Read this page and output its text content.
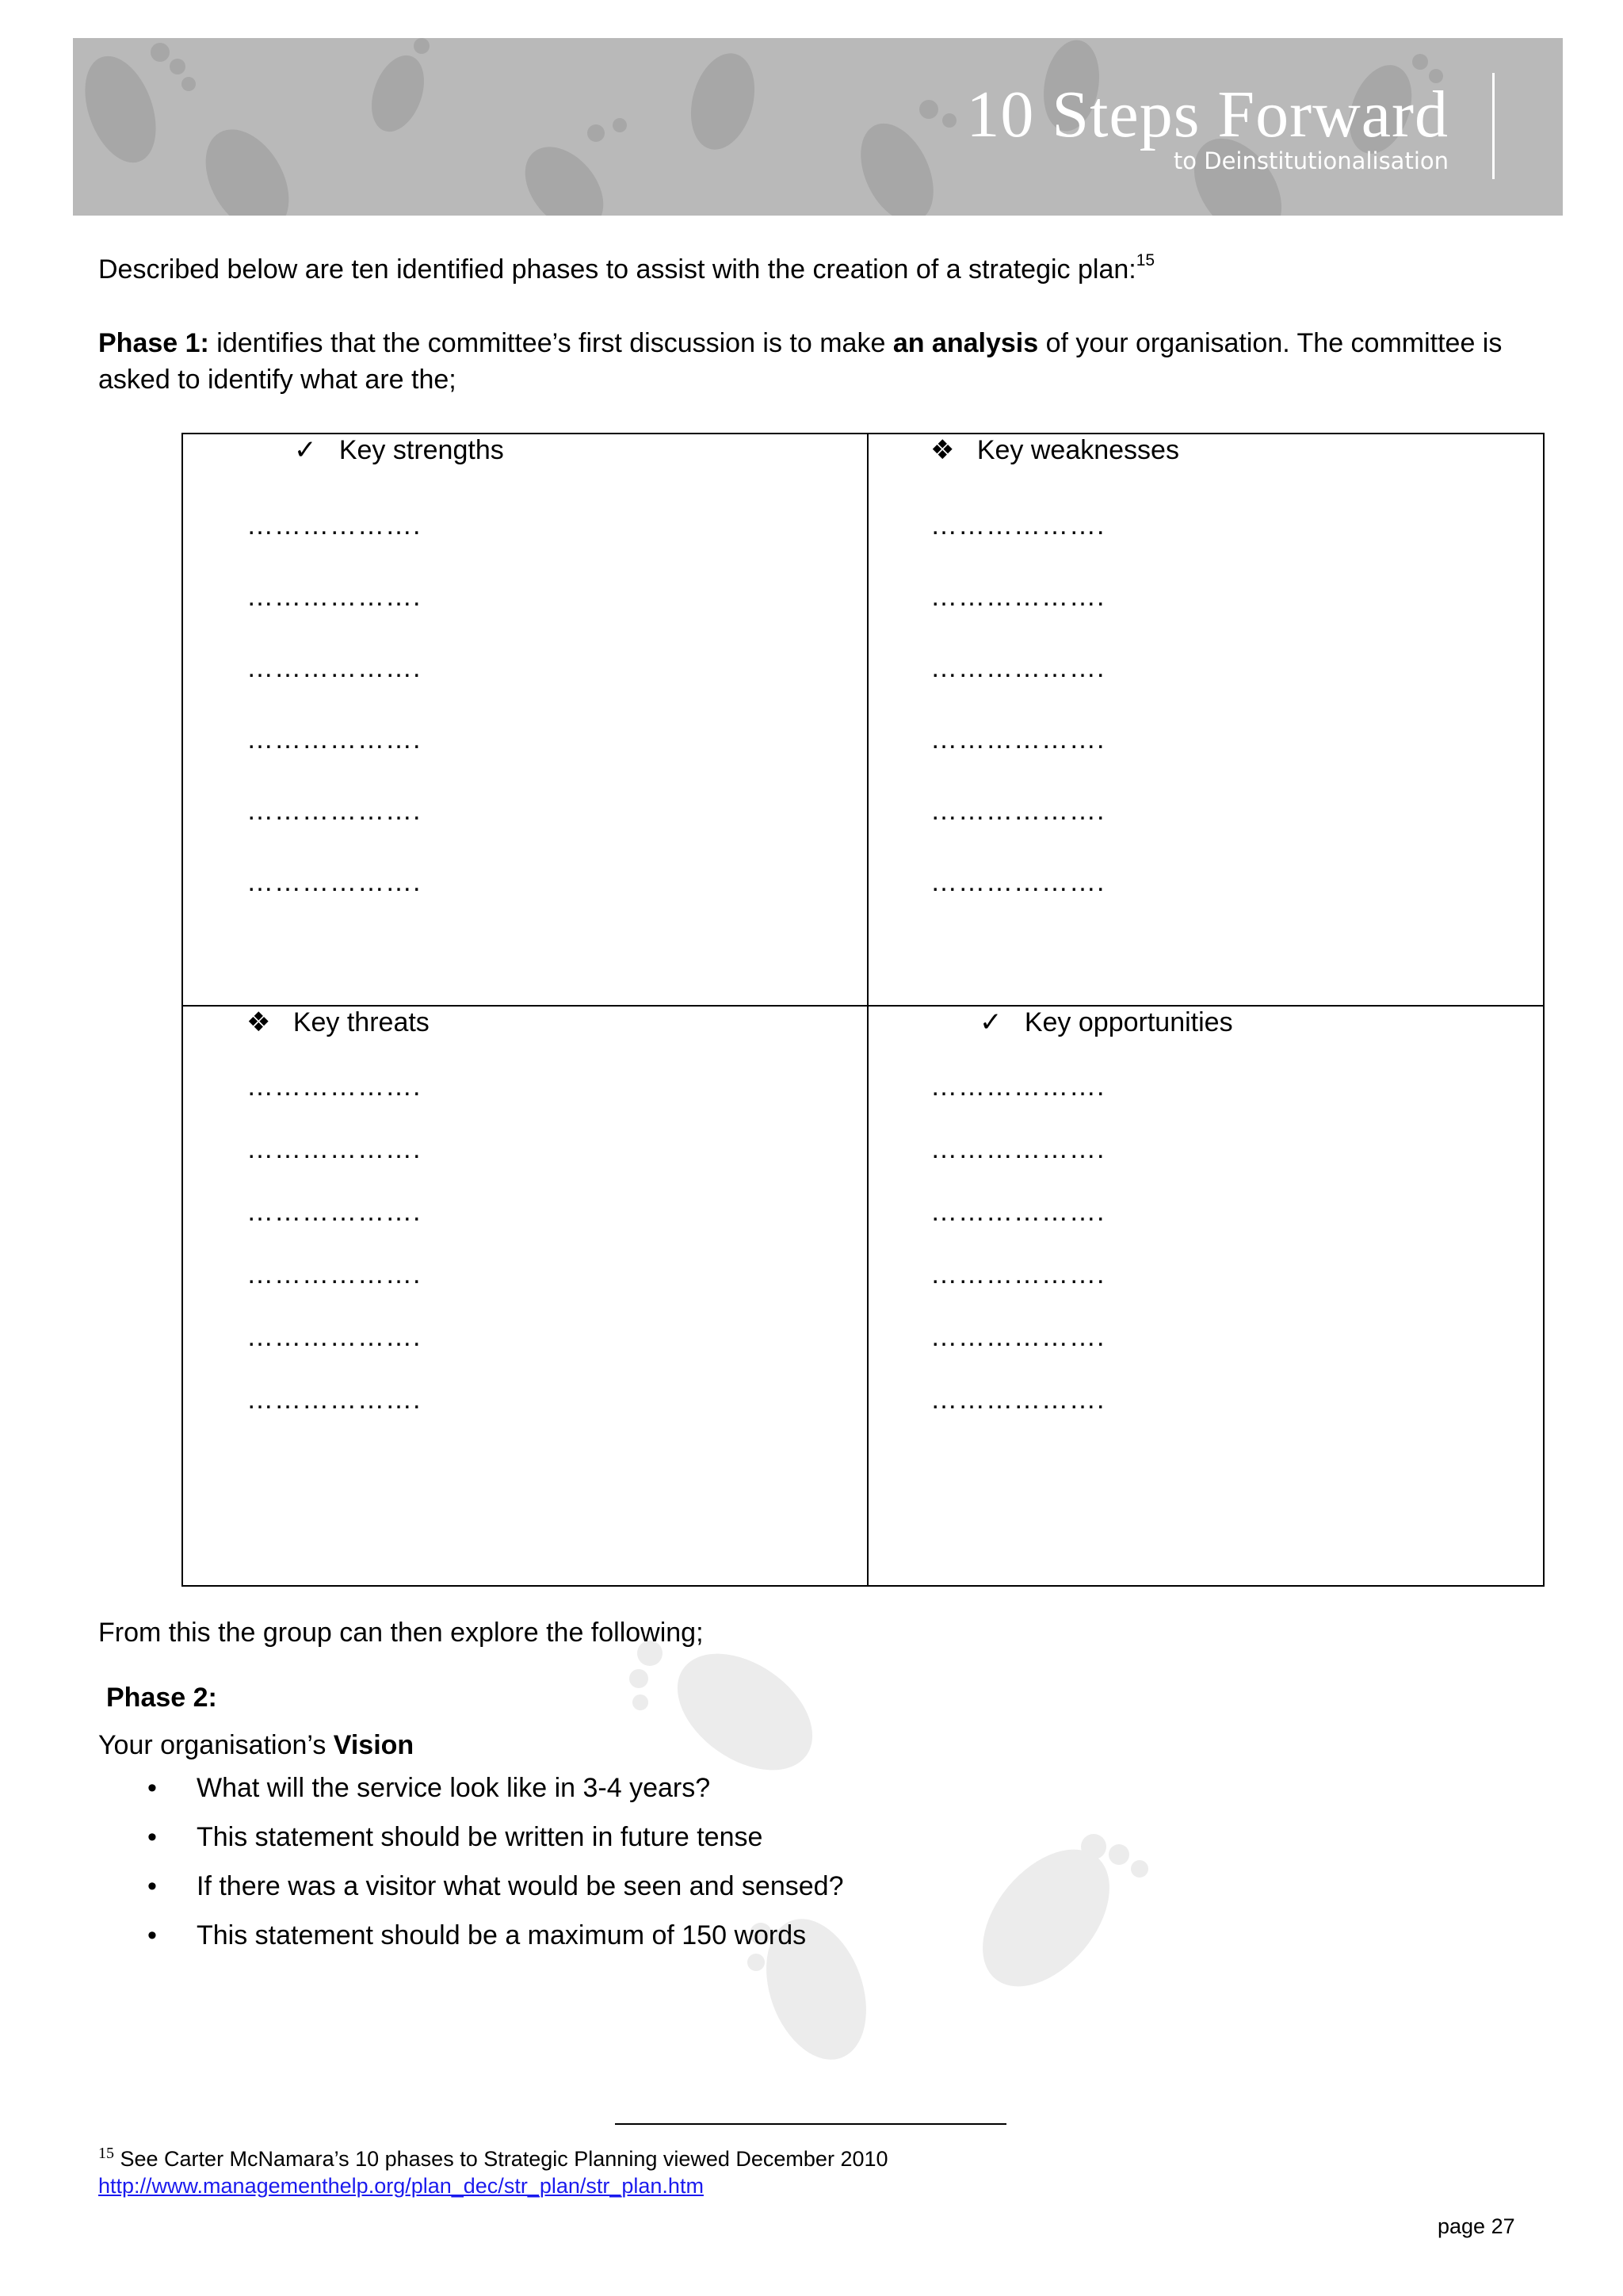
10 Steps Forward
to Deinstitutionalisation
Described below are ten identified phases to assist with the creation of a strategic plan:$^{15}$
Phase 1: identifies that the committee’s first discussion is to make an analysis of your organisation. The committee is asked to identify what are the;
✓ Key strengths
……………….
……………….
……………….
……………….
……………….
……………….
❖ Key weaknesses
……………….
……………….
……………….
……………….
……………….
……………….
❖ Key threats
……………….
……………….
……………….
……………….
……………….
……………….
✓ Key opportunities
……………….
……………….
……………….
……………….
……………….
……………….
From this the group can then explore the following;
Phase 2:
Your organisation’s Vision
• What will the service look like in 3-4 years?
• This statement should be written in future tense
• If there was a visitor what would be seen and sensed?
• This statement should be a maximum of 150 words
$^{15}$ See Carter McNamara’s 10 phases to Strategic Planning viewed December 2010
http://www.managementhelp.org/plan_dec/str_plan/str_plan.htm
page 27
